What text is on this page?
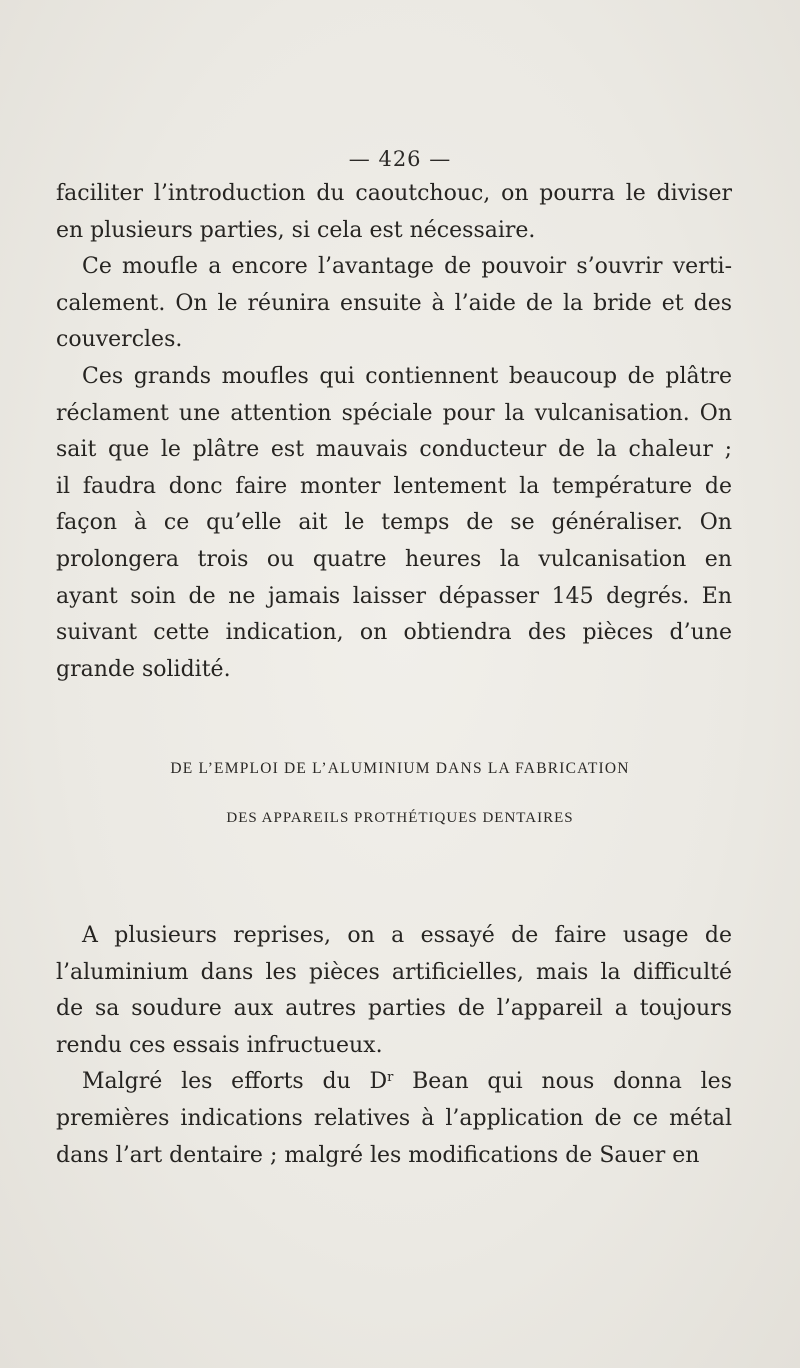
— 426 —
faciliter l’introduction du caoutchouc, on pourra le diviser
en plusieurs parties, si cela est nécessaire.
Ce moufle a encore l’avantage de pouvoir s’ouvrir verti-
calement. On le réunira ensuite à l’aide de la bride et des
couvercles.
Ces grands moufles qui contiennent beaucoup de plâtre
réclament une attention spéciale pour la vulcanisation. On
sait que le plâtre est mauvais conducteur de la chaleur ;
il faudra donc faire monter lentement la température de
façon à ce qu’elle ait le temps de se généraliser. On
prolongera trois ou quatre heures la vulcanisation en
ayant soin de ne jamais laisser dépasser 145 degrés. En
suivant cette indication, on obtiendra des pièces d’une
grande solidité.
DE L’EMPLOI DE L’ALUMINIUM DANS LA FABRICATION
DES APPAREILS PROTHÉTIQUES DENTAIRES
A plusieurs reprises, on a essayé de faire usage de
l’aluminium dans les pièces artificielles, mais la difficulté
de sa soudure aux autres parties de l’appareil a toujours
rendu ces essais infructueux.
Malgré les efforts du $D^r$ Bean qui nous donna les
premières indications relatives à l’application de ce métal
dans l’art dentaire ; malgré les modifications de Sauer en
